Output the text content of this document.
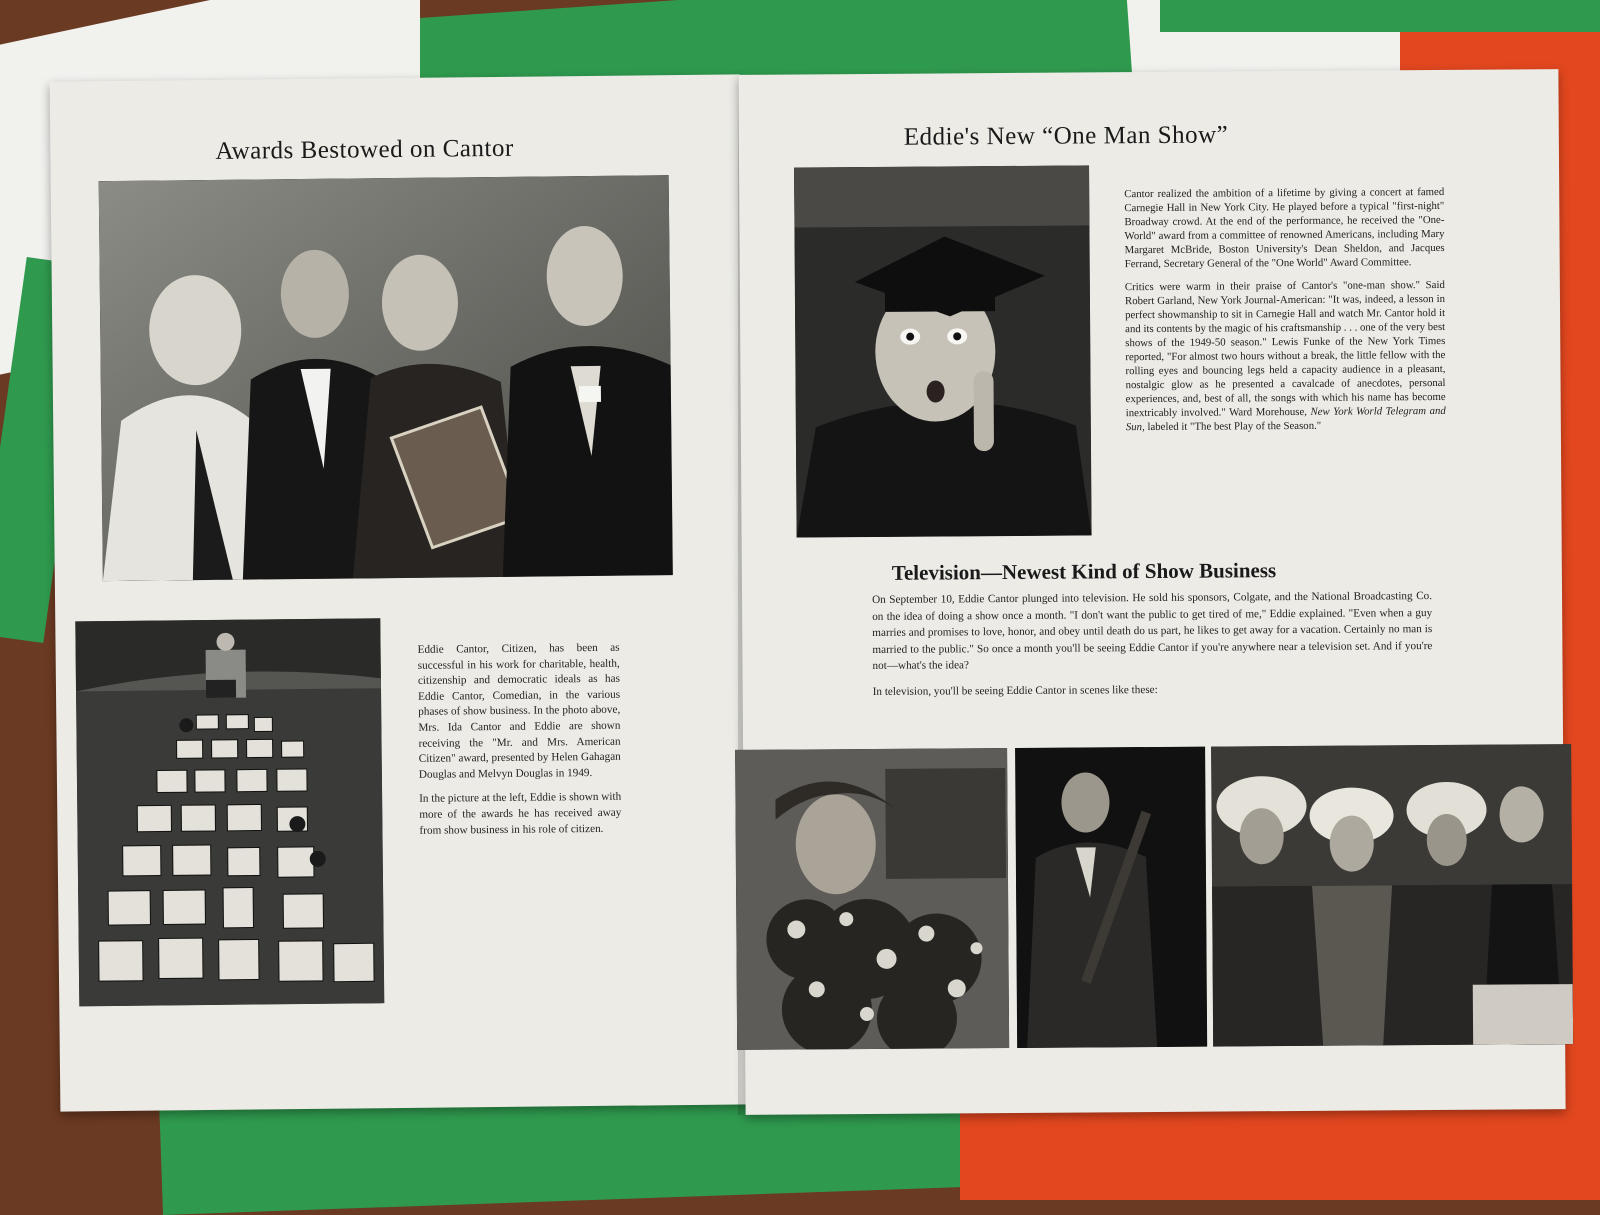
Awards Bestowed on Cantor

Eddie Cantor, Citizen, has been as successful in his work for charitable, health, citizenship and democratic ideals as has Eddie Cantor, Comedian, in the various phases of show business. In the photo above, Mrs. Ida Cantor and Eddie are shown receiving the "Mr. and Mrs. American Citizen" award, presented by Helen Gahagan Douglas and Melvyn Douglas in 1949.

In the picture at the left, Eddie is shown with more of the awards he has received away from show business in his role of citizen.

Eddie's New “One Man Show”

Cantor realized the ambition of a lifetime by giving a concert at famed Carnegie Hall in New York City. He played before a typical "first-night" Broadway crowd. At the end of the performance, he received the "One-World" award from a committee of renowned Americans, including Mary Margaret McBride, Boston University's Dean Sheldon, and Jacques Ferrand, Secretary General of the "One World" Award Committee.

Critics were warm in their praise of Cantor's "one-man show." Said Robert Garland, New York Journal-American: "It was, indeed, a lesson in perfect showmanship to sit in Carnegie Hall and watch Mr. Cantor hold it and its contents by the magic of his craftsmanship . . . one of the very best shows of the 1949-50 season." Lewis Funke of the New York Times reported, "For almost two hours without a break, the little fellow with the rolling eyes and bouncing legs held a capacity audience in a pleasant, nostalgic glow as he presented a cavalcade of anecdotes, personal experiences, and, best of all, the songs with which his name has become inextricably involved." Ward Morehouse, New York World Telegram and Sun, labeled it "The best Play of the Season."

Television—Newest Kind of Show Business

On September 10, Eddie Cantor plunged into television. He sold his sponsors, Colgate, and the National Broadcasting Co. on the idea of doing a show once a month. "I don't want the public to get tired of me," Eddie explained. "Even when a guy marries and promises to love, honor, and obey until death do us part, he likes to get away for a vacation. Certainly no man is married to the public." So once a month you'll be seeing Eddie Cantor if you're anywhere near a television set. And if you're not—what's the idea?

In television, you'll be seeing Eddie Cantor in scenes like these:
